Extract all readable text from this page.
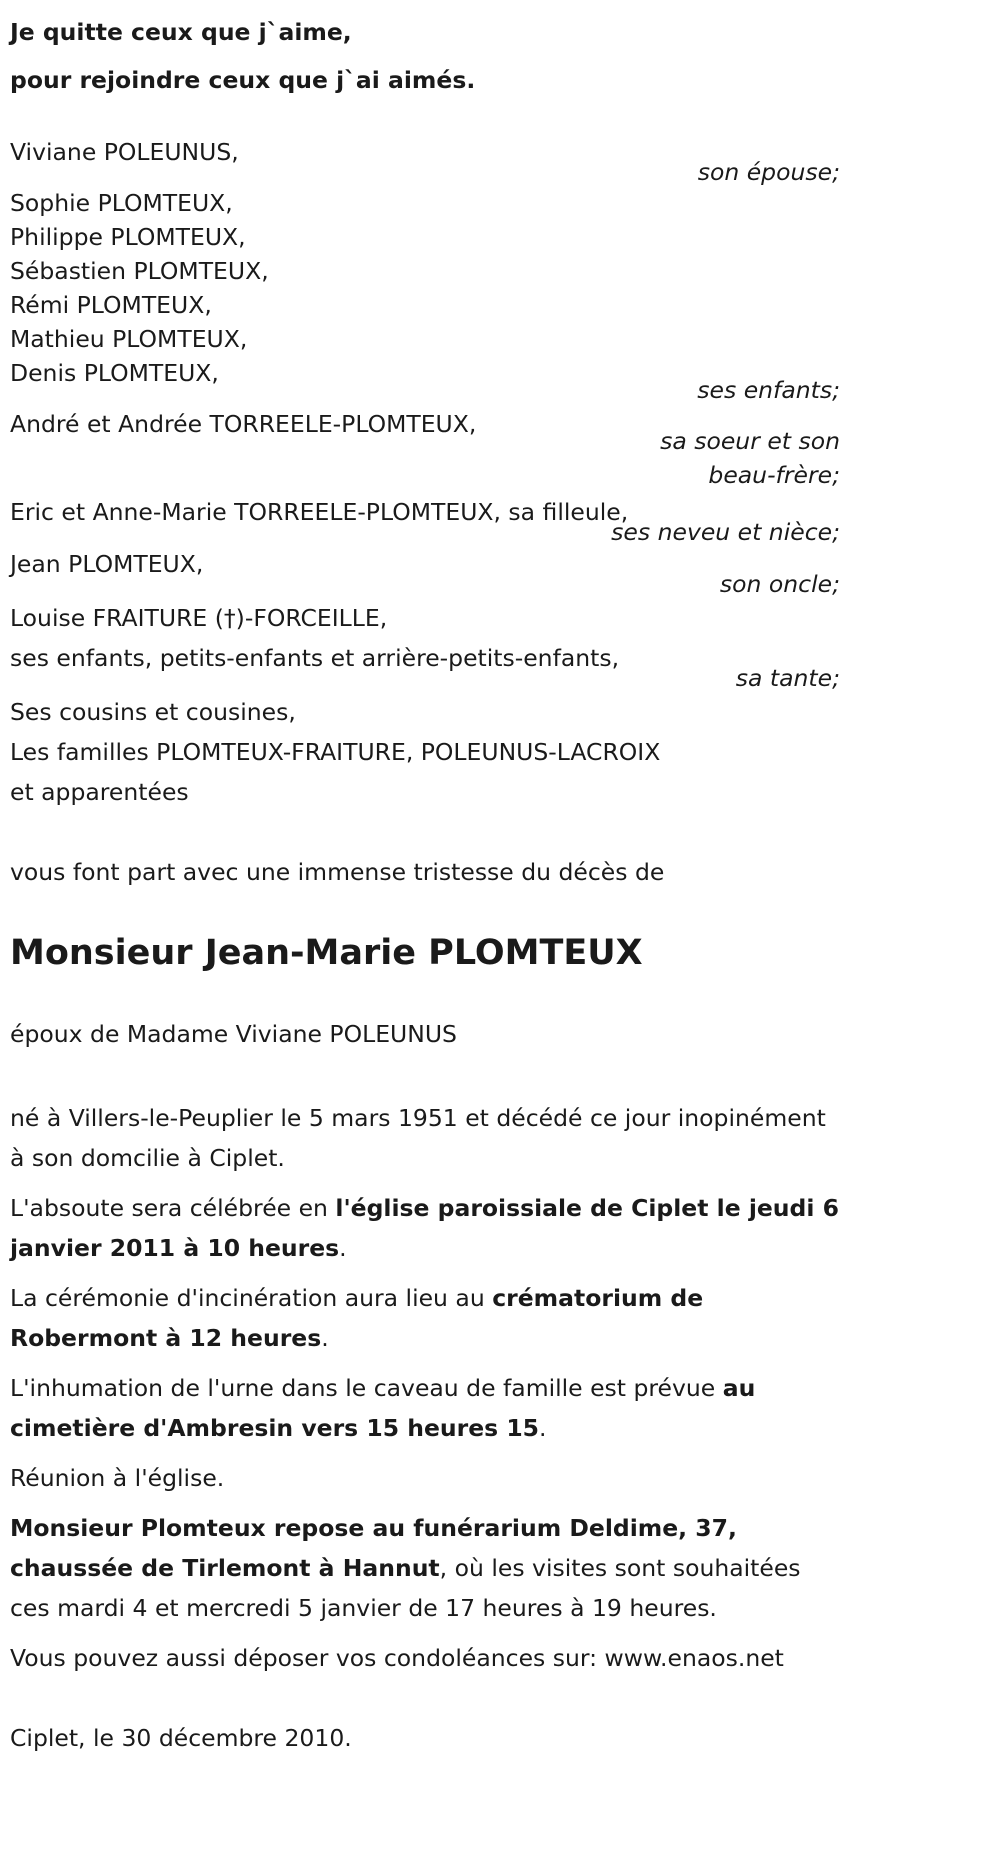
Je quitte ceux que j`aime,
pour rejoindre ceux que j`ai aimés.
Viviane POLEUNUS,
son épouse;
Sophie PLOMTEUX,
Philippe PLOMTEUX,
Sébastien PLOMTEUX,
Rémi PLOMTEUX,
Mathieu PLOMTEUX,
Denis PLOMTEUX,
ses enfants;
André et Andrée TORREELE-PLOMTEUX,
sa soeur et son
beau-frère;
Eric et Anne-Marie TORREELE-PLOMTEUX, sa filleule,
ses neveu et nièce;
Jean PLOMTEUX,
son oncle;
Louise FRAITURE (†)-FORCEILLE,
ses enfants, petits-enfants et arrière-petits-enfants,
sa tante;
Ses cousins et cousines,
Les familles PLOMTEUX-FRAITURE, POLEUNUS-LACROIX
et apparentées
vous font part avec une immense tristesse du décès de
Monsieur Jean-Marie PLOMTEUX
époux de Madame Viviane POLEUNUS
né à Villers-le-Peuplier le 5 mars 1951 et décédé ce jour inopinément à son domcilie à Ciplet.
L'absoute sera célébrée en l'église paroissiale de Ciplet le jeudi 6 janvier 2011 à 10 heures.
La cérémonie d'incinération aura lieu au crématorium de Robermont à 12 heures.
L'inhumation de l'urne dans le caveau de famille est prévue au cimetière d'Ambresin vers 15 heures 15.
Réunion à l'église.
Monsieur Plomteux repose au funérarium Deldime, 37, chaussée de Tirlemont à Hannut, où les visites sont souhaitées ces mardi 4 et mercredi 5 janvier de 17 heures à 19 heures.
Vous pouvez aussi déposer vos condoléances sur: www.enaos.net
Ciplet, le 30 décembre 2010.
